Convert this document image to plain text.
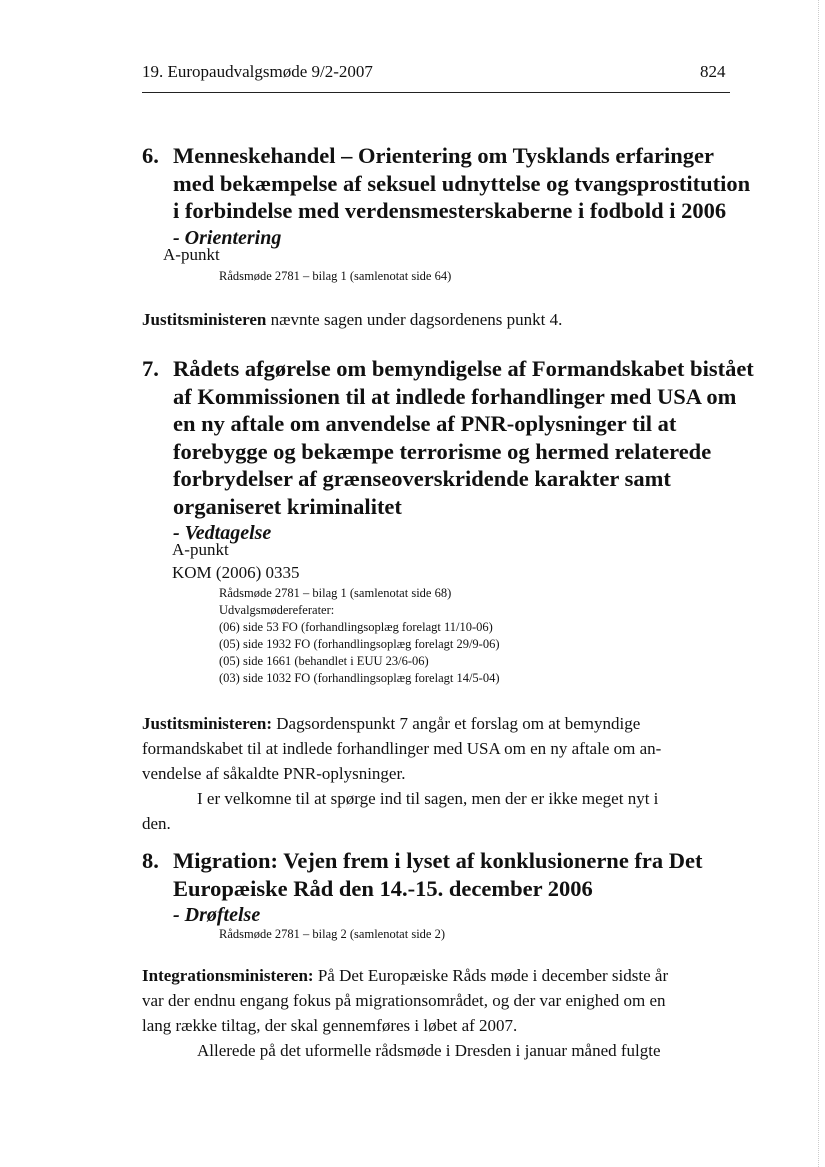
19. Europaudvalgsmøde 9/2-2007	824
6. Menneskehandel – Orientering om Tysklands erfaringer
med bekæmpelse af seksuel udnyttelse og tvangsprostitution
i forbindelse med verdensmesterskaberne i fodbold i 2006
- Orientering
A-punkt
Rådsmøde 2781 – bilag 1 (samlenotat side 64)
Justitsministeren nævnte sagen under dagsordenens punkt 4.
7. Rådets afgørelse om bemyndigelse af Formandskabet bistået
af Kommissionen til at indlede forhandlinger med USA om
en ny aftale om anvendelse af PNR-oplysninger til at
forebygge og bekæmpe terrorisme og hermed relaterede
forbrydelser af grænseoverskridende karakter samt
organiseret kriminalitet
- Vedtagelse
A-punkt
KOM (2006) 0335
Rådsmøde 2781 – bilag 1 (samlenotat side 68)
Udvalgsmødereferater:
(06) side 53 FO (forhandlingsoplæg forelagt 11/10-06)
(05) side 1932 FO (forhandlingsoplæg forelagt 29/9-06)
(05) side 1661 (behandlet i EUU 23/6-06)
(03) side 1032 FO (forhandlingsoplæg forelagt 14/5-04)
Justitsministeren: Dagsordenspunkt 7 angår et forslag om at bemyndige
formandskabet til at indlede forhandlinger med USA om en ny aftale om an-
vendelse af såkaldte PNR-oplysninger.
I er velkomne til at spørge ind til sagen, men der er ikke meget nyt i
den.
8. Migration: Vejen frem i lyset af konklusionerne fra Det
Europæiske Råd den 14.-15. december 2006
- Drøftelse
Rådsmøde 2781 – bilag 2 (samlenotat side 2)
Integrationsministeren: På Det Europæiske Råds møde i december sidste år
var der endnu engang fokus på migrationsområdet, og der var enighed om en
lang række tiltag, der skal gennemføres i løbet af 2007.
Allerede på det uformelle rådsmøde i Dresden i januar måned fulgte
